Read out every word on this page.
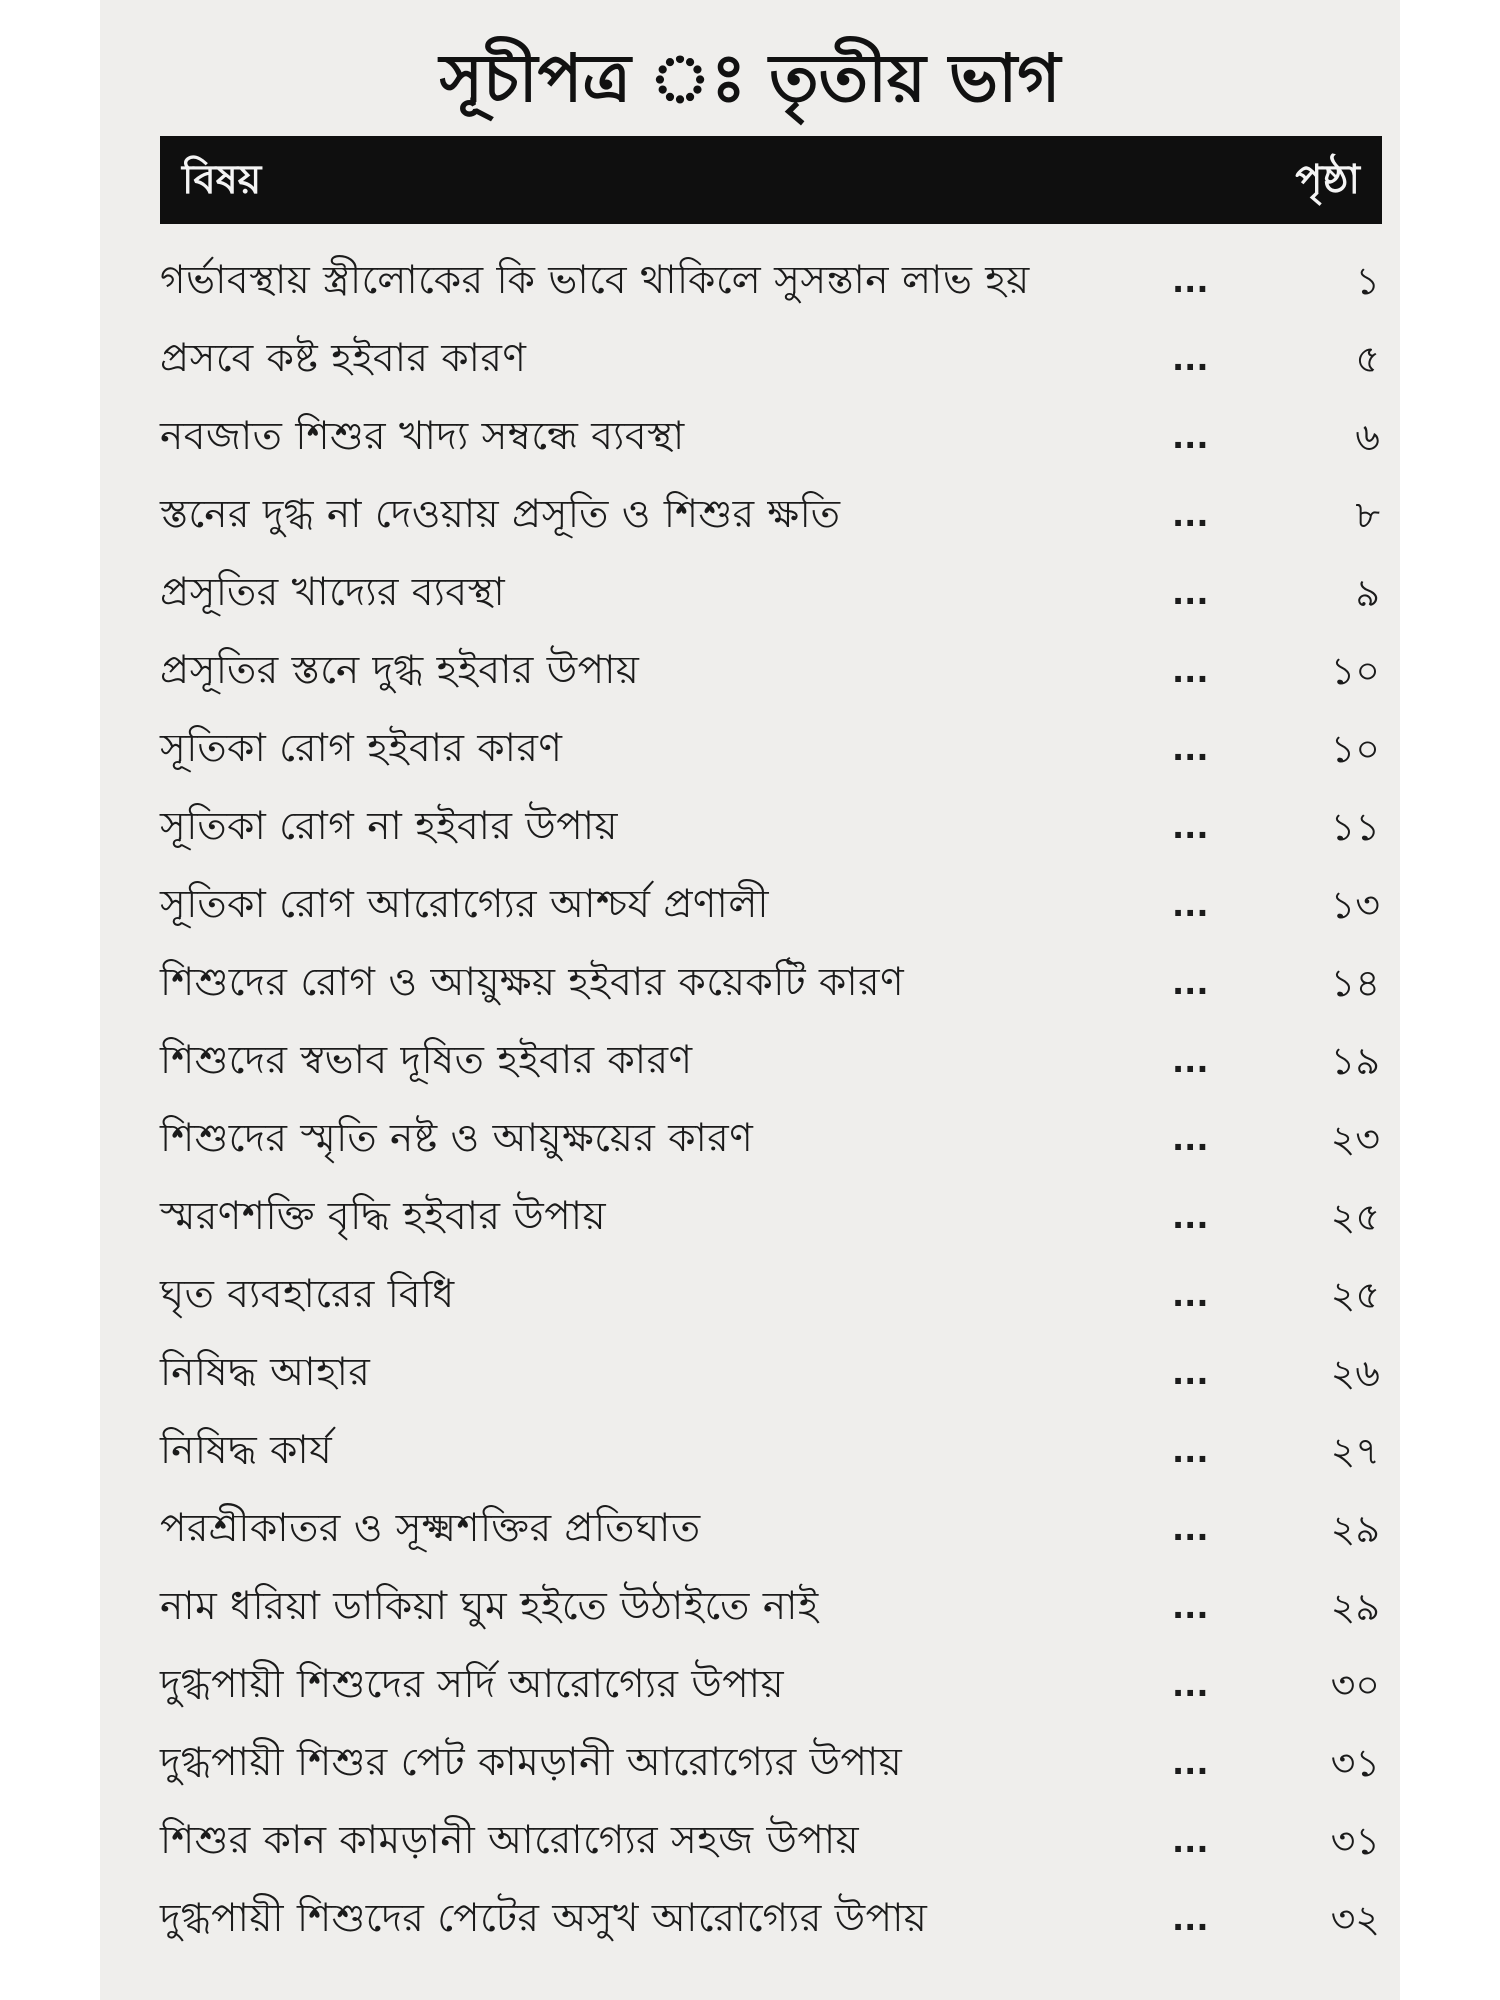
সূচীপত্র ঃ তৃতীয় ভাগ
বিষয়	পৃষ্ঠা
গর্ভাবস্থায় স্ত্রীলোকের কি ভাবে থাকিলে সুসন্তান লাভ হয়	...	১
প্রসবে কষ্ট হইবার কারণ	...	৫
নবজাত শিশুর খাদ্য সম্বন্ধে ব্যবস্থা	...	৬
স্তনের দুগ্ধ না দেওয়ায় প্রসূতি ও শিশুর ক্ষতি	...	৮
প্রসূতির খাদ্যের ব্যবস্থা	...	৯
প্রসূতির স্তনে দুগ্ধ হইবার উপায়	...	১০
সূতিকা রোগ হইবার কারণ	...	১০
সূতিকা রোগ না হইবার উপায়	...	১১
সূতিকা রোগ আরোগ্যের আশ্চর্য প্রণালী	...	১৩
শিশুদের রোগ ও আয়ুক্ষয় হইবার কয়েকটি কারণ	...	১৪
শিশুদের স্বভাব দূষিত হইবার কারণ	...	১৯
শিশুদের স্মৃতি নষ্ট ও আয়ুক্ষয়ের কারণ	...	২৩
স্মরণশক্তি বৃদ্ধি হইবার উপায়	...	২৫
ঘৃত ব্যবহারের বিধি	...	২৫
নিষিদ্ধ আহার	...	২৬
নিষিদ্ধ কার্য	...	২৭
পরশ্রীকাতর ও সূক্ষ্মশক্তির প্রতিঘাত	...	২৯
নাম ধরিয়া ডাকিয়া ঘুম হইতে উঠাইতে নাই	...	২৯
দুগ্ধপায়ী শিশুদের সর্দি আরোগ্যের উপায়	...	৩০
দুগ্ধপায়ী শিশুর পেট কামড়ানী আরোগ্যের উপায়	...	৩১
শিশুর কান কামড়ানী আরোগ্যের সহজ উপায়	...	৩১
দুগ্ধপায়ী শিশুদের পেটের অসুখ আরোগ্যের উপায়	...	৩২
